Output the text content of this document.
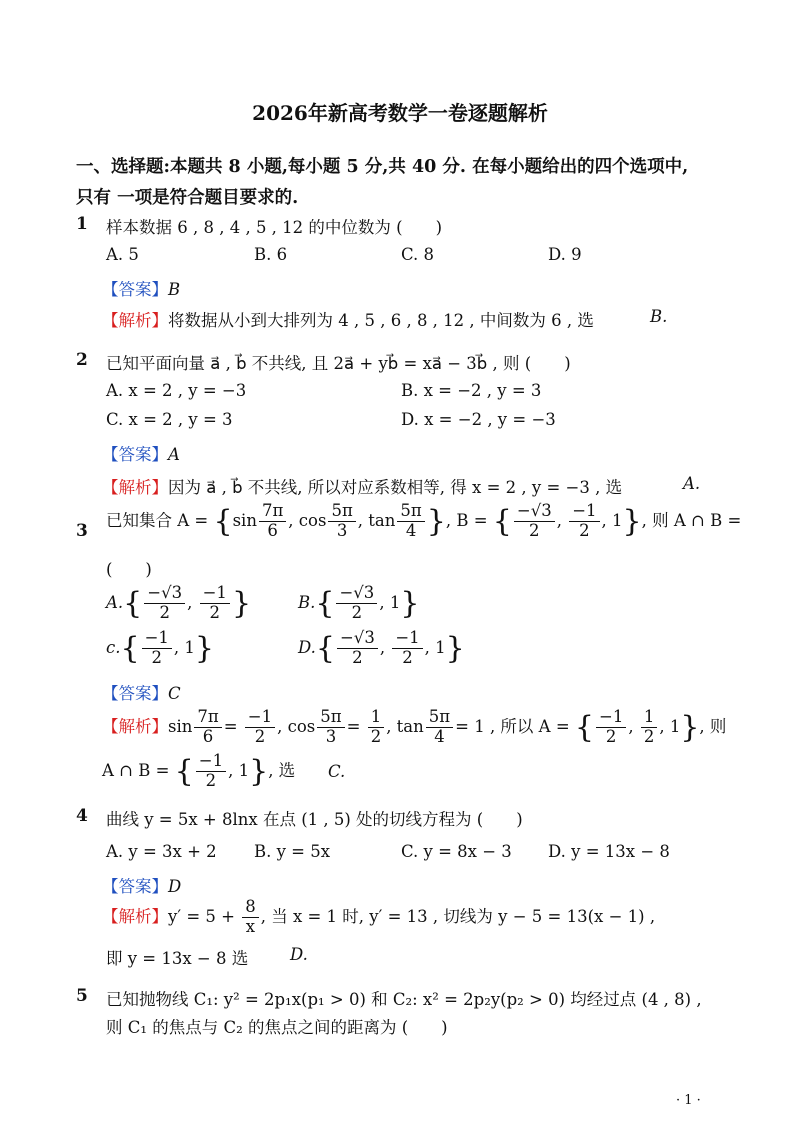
2026年新高考数学一卷逐题解析
一、选择题:本题共 8 小题,每小题 5 分,共 40 分. 在每小题给出的四个选项中,
只有 一项是符合题目要求的.
1 样本数据 6 , 8 , 4 , 5 , 12 的中位数为 (　　)
A. 5	B. 6	C. 8	D. 9
【答案】B
【解析】将数据从小到大排列为 4 , 5 , 6 , 8 , 12 , 中间数为 6 , 选	B.
2 已知平面向量 a⃗ , b⃗ 不共线, 且 2a⃗ + yb⃗ = xa⃗ − 3b⃗ , 则 (　　)
A. x = 2 , y = −3	B. x = −2 , y = 3
C. x = 2 , y = 3	D. x = −2 , y = −3
【答案】A
【解析】因为 a⃗ , b⃗ 不共线, 所以对应系数相等, 得 x = 2 , y = −3 , 选	A.
3
已知集合 $A = \{\sin \frac{7\pi}{6}$ , $\cos \frac{5\pi}{3}$ , $\tan \frac{5\pi}{4}$ }, B = { $\frac{-√3}{2}$ , $\frac{-1}{2}$ , 1}, 则 A ∩ B =
(　　)
$A.\{ \frac{-√3}{2}$ , $\frac{-1}{2}$ }	$B.\{ \frac{-√3}{2}$ , 1}
$c.\{ \frac{-1}{2}$ , 1}	$D.\{ \frac{-√3}{2}$ , $\frac{-1}{2}$ , 1}
【答案】C
【解析】$\sin \frac{7\pi}{6} = \frac{-1}{2}$ , $\cos \frac{5\pi}{3} = \frac{1}{2}$ , $\tan \frac{5\pi}{4} = 1$ , 所以 A = { $\frac{-1}{2}$ , $\frac{1}{2}$ , 1}, 则
A ∩ B = { $\frac{-1}{2}$ , 1}, 选 C.
4 曲线 y = 5x + 8lnx 在点 (1 , 5) 处的切线方程为 (　　)
A. y = 3x + 2 B. y = 5x	C. y = 8x − 3 D. y = 13x − 8
【答案】D
【解析】$y' = 5 + \frac{8}{x}$ , 当 x = 1 时, y′ = 13 , 切线为 y − 5 = 13(x − 1) ,
即 y = 13x − 8 选	D.
5 已知抛物线 C₁: y² = 2p₁x(p₁ > 0) 和 C₂: x² = 2p₂y(p₂ > 0) 均经过点 (4 , 8) ,
则 C₁ 的焦点与 C₂ 的焦点之间的距离为 (　　)
· 1 ·
